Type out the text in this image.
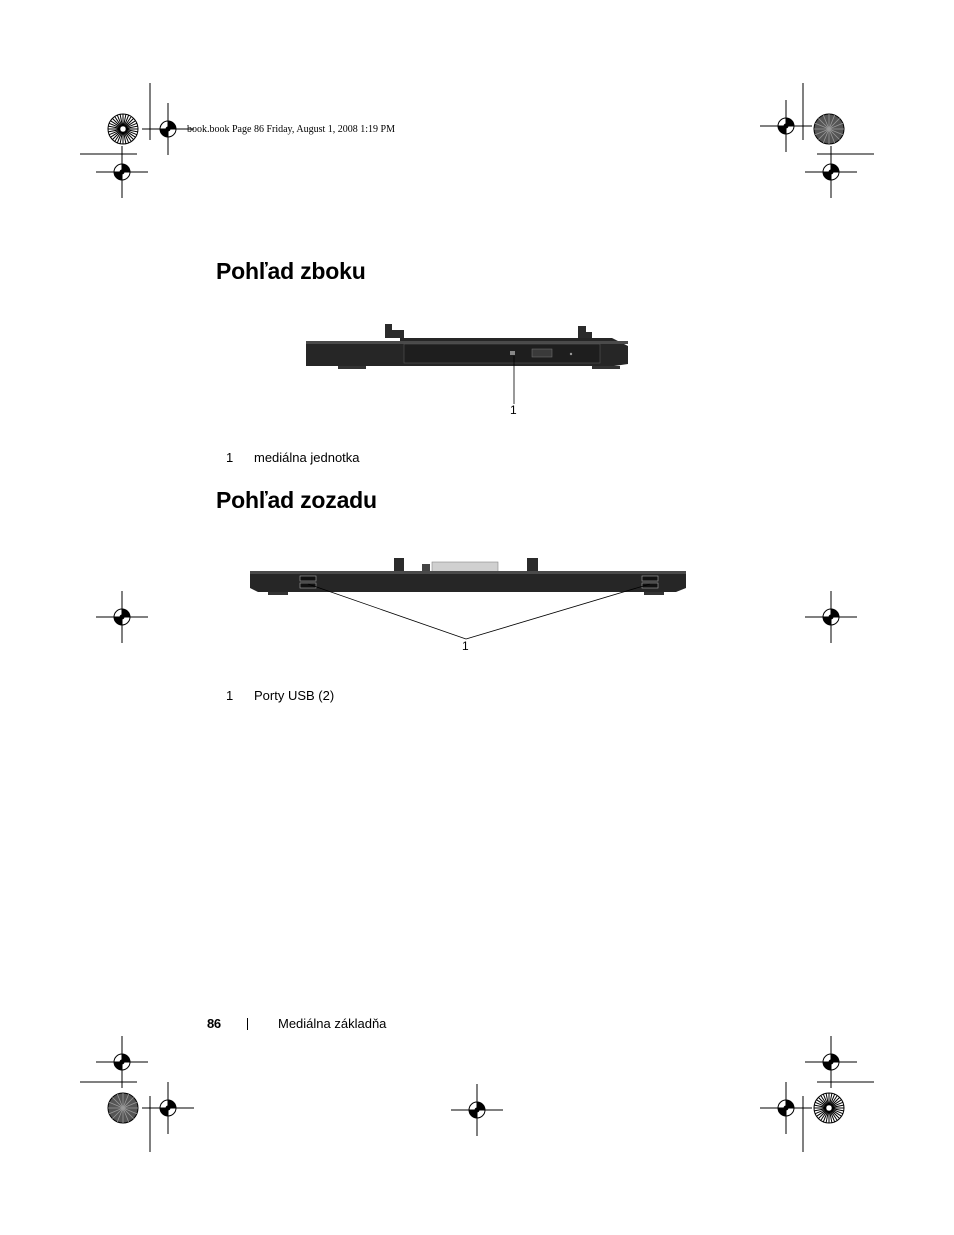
book.book Page 86 Friday, August 1, 2008 1:19 PM
Pohľad zboku
1
1 mediálna jednotka
Pohľad zozadu
1
1 Porty USB (2)
86	Mediálna základňa
